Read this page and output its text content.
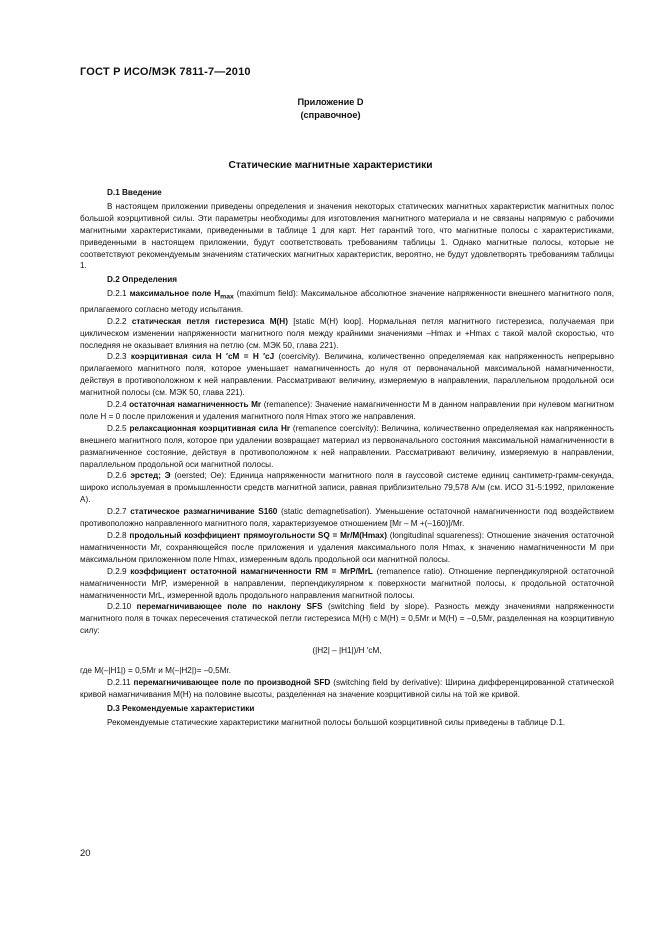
ГОСТ Р ИСО/МЭК 7811-7—2010
Приложение D
(справочное)
Статические магнитные характеристики

D.1 Введение

В настоящем приложении приведены определения и значения некоторых статических магнитных характеристик магнитных полос большой коэрцитивной силы. Эти параметры необходимы для изготовления магнитного материала и не связаны напрямую с рабочими магнитными характеристиками, приведенными в таблице 1 для карт. Нет гарантий того, что магнитные полосы с характеристиками, приведенными в настоящем приложении, будут соответствовать требованиям таблицы 1. Однако магнитные полосы, которые не соответствуют рекомендуемым значениям статических магнитных характеристик, вероятно, не будут удовлетворять требованиям таблицы 1.

D.2 Определения

D.2.1 максимальное поле $H_{max}$ (maximum field): Максимальное абсолютное значение напряженности внешнего магнитного поля, прилагаемого согласно методу испытания.

D.2.2 статическая петля гистерезиса M(H) [static M(H) loop]. Нормальная петля магнитного гистерезиса, получаемая при циклическом изменении напряженности магнитного поля между крайними значениями –Hmax и +Hmax с такой малой скоростью, что последняя не оказывает влияния на петлю (см. МЭК 50, глава 221).

D.2.3 коэрцитивная сила H ′cM = H ′cJ (coercivity). Величина, количественно определяемая как напряженность непрерывно прилагаемого магнитного поля, которое уменьшает намагниченность до нуля от первоначальной максимальной намагниченности, действуя в противоположном к ней направлении. Рассматривают величину, измеряемую в направлении, параллельном продольной оси магнитной полосы (см. МЭК 50, глава 221).

D.2.4 остаточная намагниченность Mr (remanence): Значение намагниченности M в данном направлении при нулевом магнитном поле H = 0 после приложения и удаления магнитного поля Hmax этого же направления.

D.2.5 релаксационная коэрцитивная сила Hr (remanence coercivity): Величина, количественно определяемая как напряженность внешнего магнитного поля, которое при удалении возвращает материал из первоначального состояния максимальной намагниченности в размагниченное состояние, действуя в противоположном к ней направлении. Рассматривают величину, измеряемую в направлении, параллельном продольной оси магнитной полосы.

D.2.6 эрстед; Э (oersted; Oe): Единица напряженности магнитного поля в гауссовой системе единиц сантиметр-грамм-секунда, широко используемая в промышленности средств магнитной записи, равная приблизительно 79,578 А/м (см. ИСО 31-5:1992, приложение А).

D.2.7 статическое размагничивание S160 (static demagnetisation). Уменьшение остаточной намагниченности под воздействием противоположно направленного магнитного поля, характеризуемое отношением [Mr – M +(–160)]/Mr.

D.2.8 продольный коэффициент прямоугольности SQ = Mr/M(Hmax) (longitudinal squareness): Отношение значения остаточной намагниченности Mr, сохраняющейся после приложения и удаления максимального поля Hmax, к значению намагниченности M при максимальном приложенном поле Hmax, измеренным вдоль продольной оси магнитной полосы.

D.2.9 коэффициент остаточной намагниченности RM = MrP/MrL (remanence ratio). Отношение перпендикулярной остаточной намагниченности MrP, измеренной в направлении, перпендикулярном к поверхности магнитной полосы, к продольной остаточной намагниченности MrL, измеренной вдоль продольного направления магнитной полосы.

D.2.10 перемагничивающее поле по наклону SFS (switching field by slope). Разность между значениями напряженности магнитного поля в точках пересечения статической петли гистерезиса M(H) с M(H) = 0,5Mr и M(H) = –0,5Mr, разделенная на коэрцитивную силу:

(|H2| – |H1|)/H ′cM,

где M(–|H1|) = 0,5Mr и M(–|H2|)= –0,5Mr.

D.2.11 перемагничивающее поле по производной SFD (switching field by derivative): Ширина дифференцированной статической кривой намагничивания M(H) на половине высоты, разделенная на значение коэрцитивной силы на той же кривой.

D.3 Рекомендуемые характеристики

Рекомендуемые статические характеристики магнитной полосы большой коэрцитивной силы приведены в таблице D.1.

20
